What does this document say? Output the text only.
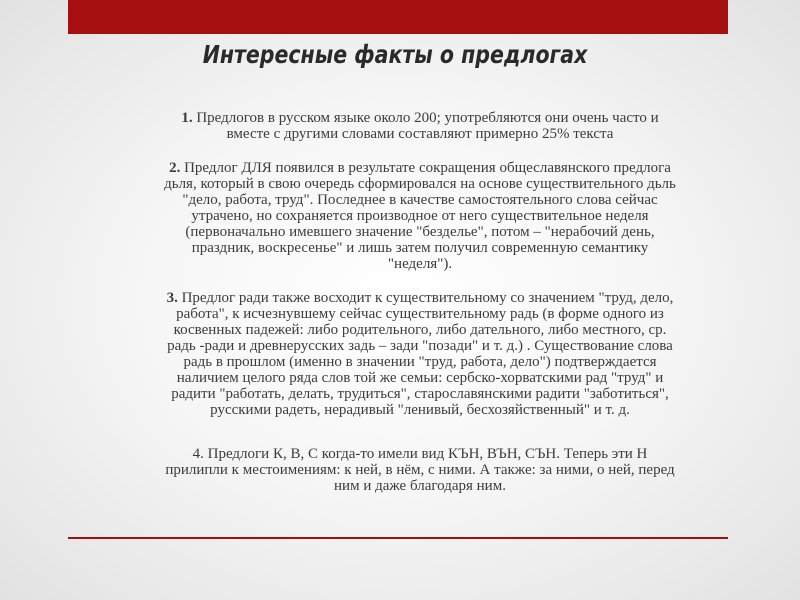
Интересные факты о предлогах
1. Предлогов в русском языке около 200; употребляются они очень часто и
вместе с другими словами составляют примерно 25% текста
2. Предлог ДЛЯ появился в результате сокращения общеславянского предлога
дьля, который в свою очередь сформировался на основе существительного дьль
"дело, работа, труд". Последнее в качестве самостоятельного слова сейчас
утрачено, но сохраняется производное от него существительное неделя
(первоначально имевшего значение "безделье", потом – "нерабочий день,
праздник, воскресенье" и лишь затем получил современную семантику
"неделя").
3. Предлог ради также восходит к существительному со значением "труд, дело,
работа", к исчезнувшему сейчас существительному радь (в форме одного из
косвенных падежей: либо родительного, либо дательного, либо местного, ср.
радь -ради и древнерусских задь – зади "позади" и т. д.) . Существование слова
радь в прошлом (именно в значении "труд, работа, дело") подтверждается
наличием целого ряда слов той же семьи: сербско-хорватскими рад "труд" и
радити "работать, делать, трудиться", старославянскими радити "заботиться",
русскими радеть, нерадивый "ленивый, бесхозяйственный" и т. д.
4. Предлоги К, В, С когда-то имели вид КЪН, ВЪН, СЪН. Теперь эти Н
прилипли к местоимениям: к ней, в нём, с ними. А также: за ними, о ней, перед
ним и даже благодаря ним.
